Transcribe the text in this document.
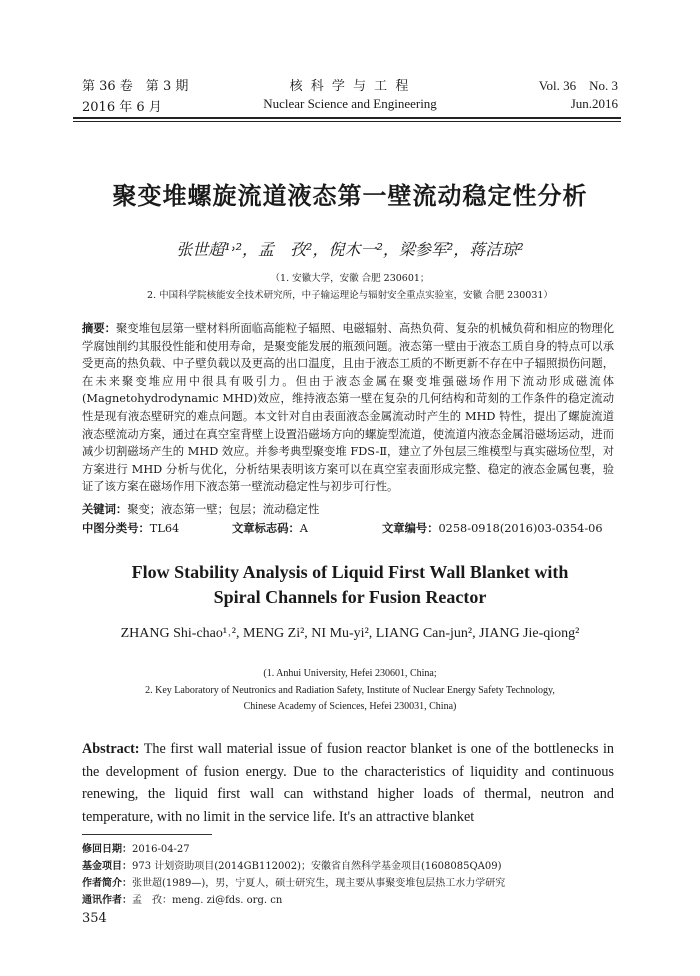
第 36 卷　第 3 期
2016 年 6 月
核 科 学 与 工 程
Nuclear Science and Engineering
Vol. 36　No. 3
Jun.2016
聚变堆螺旋流道液态第一壁流动稳定性分析
张世超¹˒²，孟　孜²，倪木一²，梁参军²，蒋洁琼²
（1. 安徽大学，安徽 合肥 230601；
2. 中国科学院核能安全技术研究所，中子输运理论与辐射安全重点实验室，安徽 合肥 230031）
摘要：聚变堆包层第一壁材料所面临高能粒子辐照、电磁辐射、高热负荷、复杂的机械负荷和相应的物理化学腐蚀削约其服役性能和使用寿命，是聚变能发展的瓶颈问题。液态第一壁由于液态工质自身的特点可以承受更高的热负载、中子壁负载以及更高的出口温度，且由于液态工质的不断更新不存在中子辐照损伤问题，在未来聚变堆应用中很具有吸引力。但由于液态金属在聚变堆强磁场作用下流动形成磁流体(Magnetohydrodynamic MHD)效应，维持液态第一壁在复杂的几何结构和苛刻的工作条件的稳定流动性是现有液态壁研究的难点问题。本文针对自由表面液态金属流动时产生的 MHD 特性，提出了螺旋流道液态壁流动方案，通过在真空室背壁上设置沿磁场方向的螺旋型流道，使流道内液态金属沿磁场运动，进而减少切割磁场产生的 MHD 效应。并参考典型聚变堆 FDS-Ⅱ，建立了外包层三维模型与真实磁场位型，对方案进行 MHD 分析与优化，分析结果表明该方案可以在真空室表面形成完整、稳定的液态金属包裹，验证了该方案在磁场作用下液态第一壁流动稳定性与初步可行性。
关键词：聚变；液态第一壁；包层；流动稳定性
中图分类号：TL64	文章标志码：A	文章编号：0258-0918(2016)03-0354-06
Flow Stability Analysis of Liquid First Wall Blanket with
Spiral Channels for Fusion Reactor
ZHANG Shi-chao¹˒², MENG Zi², NI Mu-yi², LIANG Can-jun², JIANG Jie-qiong²
(1. Anhui University, Hefei 230601, China;
2. Key Laboratory of Neutronics and Radiation Safety, Institute of Nuclear Energy Safety Technology,
Chinese Academy of Sciences, Hefei 230031, China)
Abstract: The first wall material issue of fusion reactor blanket is one of the bottlenecks in the development of fusion energy. Due to the characteristics of liquidity and continuous renewing, the liquid first wall can withstand higher loads of thermal, neutron and temperature, with no limit in the service life. It's an attractive blanket
修回日期：2016-04-27
基金项目：973 计划资助项目(2014GB112002)；安徽省自然科学基金项目(1608085QA09)
作者简介：张世超(1989—)，男，宁夏人，硕士研究生，现主要从事聚变堆包层热工水力学研究
通讯作者：孟　孜：meng. zi@fds. org. cn
354
